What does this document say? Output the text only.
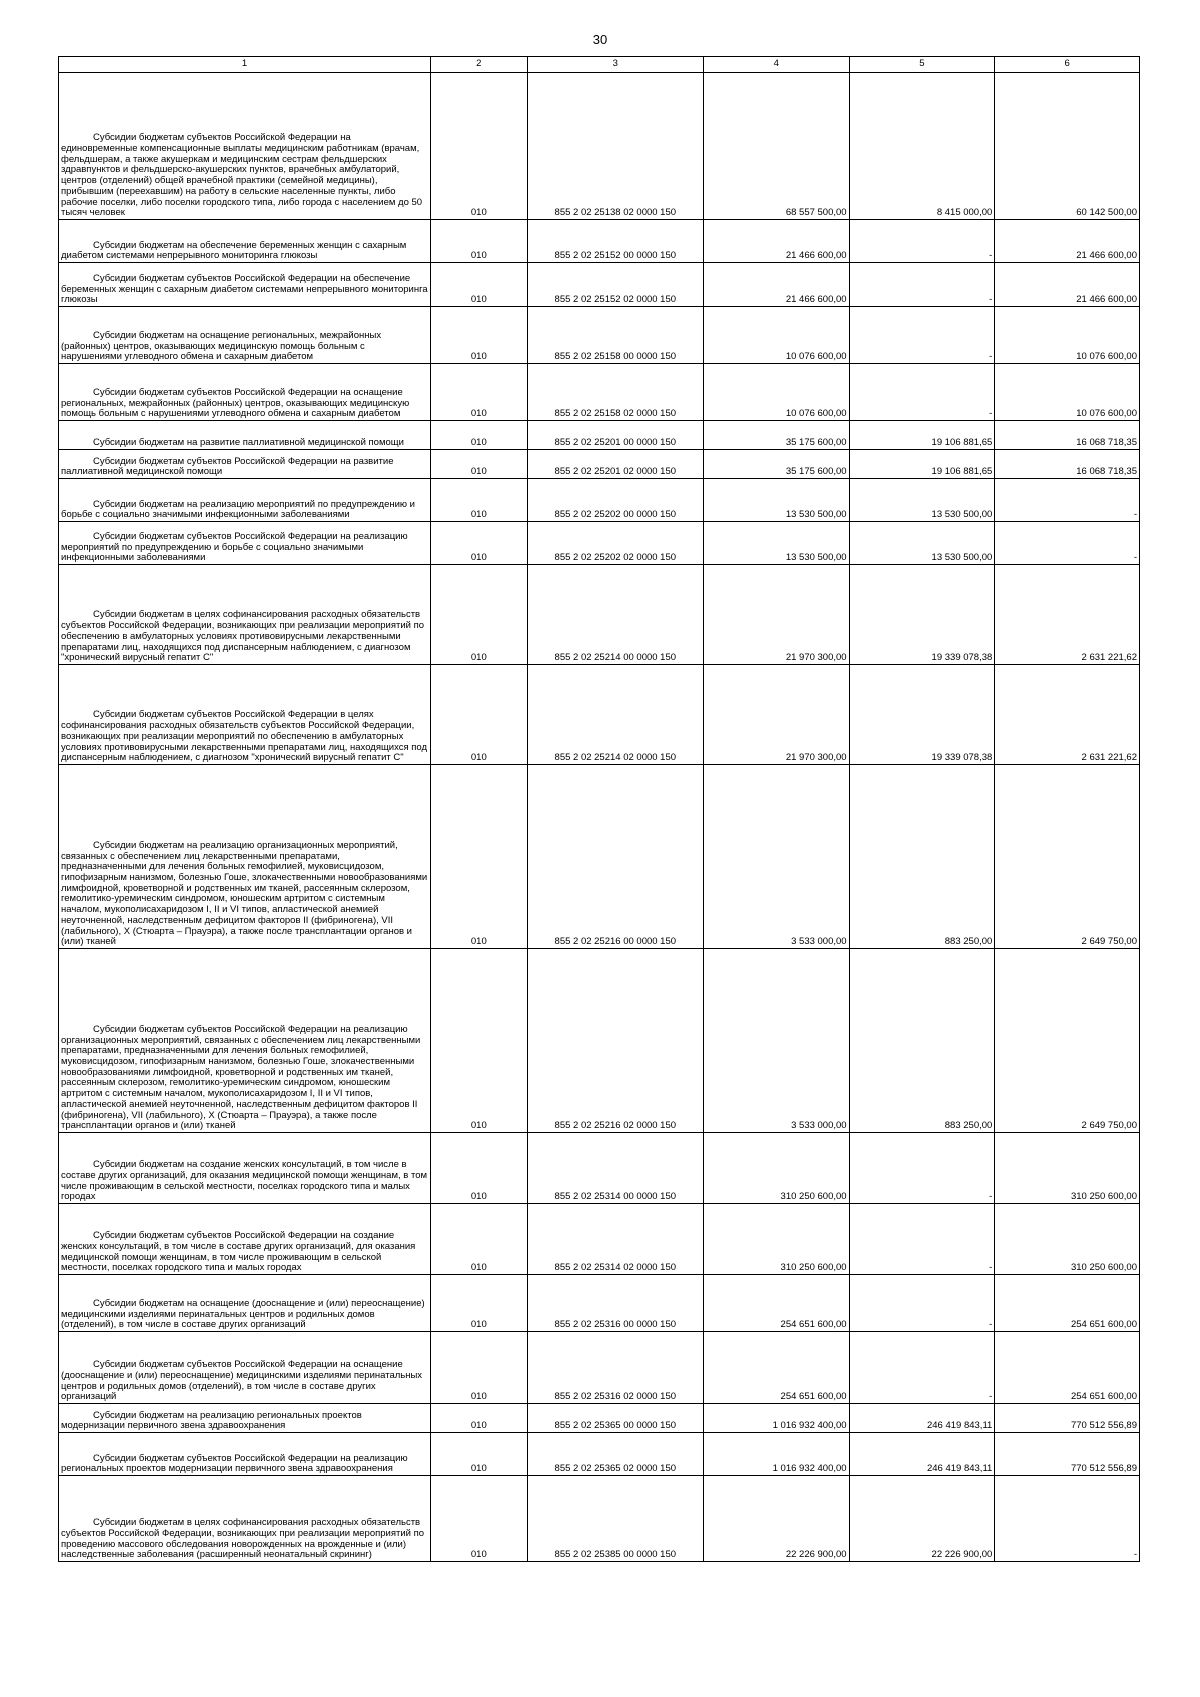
30
1	2	3	4	5	6
Субсидии бюджетам субъектов Российской Федерации на единовременные компенсационные выплаты медицинским работникам (врачам, фельдшерам, а также акушеркам и медицинским сестрам фельдшерских здравпунктов и фельдшерско-акушерских пунктов, врачебных амбулаторий, центров (отделений) общей врачебной практики (семейной медицины), прибывшим (переехавшим) на работу в сельские населенные пункты, либо рабочие поселки, либо поселки городского типа, либо города с населением до 50 тысяч человек	010	855 2 02 25138 02 0000 150	68 557 500,00	8 415 000,00	60 142 500,00
Субсидии бюджетам на обеспечение беременных женщин с сахарным диабетом системами непрерывного мониторинга глюкозы	010	855 2 02 25152 00 0000 150	21 466 600,00	-	21 466 600,00
Субсидии бюджетам субъектов Российской Федерации на обеспечение беременных женщин с сахарным диабетом системами непрерывного мониторинга глюкозы	010	855 2 02 25152 02 0000 150	21 466 600,00	-	21 466 600,00
Субсидии бюджетам на оснащение региональных, межрайонных (районных) центров, оказывающих медицинскую помощь больным с нарушениями углеводного обмена и сахарным диабетом	010	855 2 02 25158 00 0000 150	10 076 600,00	-	10 076 600,00
Субсидии бюджетам субъектов Российской Федерации на оснащение региональных, межрайонных (районных) центров, оказывающих медицинскую помощь больным с нарушениями углеводного обмена и сахарным диабетом	010	855 2 02 25158 02 0000 150	10 076 600,00	-	10 076 600,00
Субсидии бюджетам на развитие паллиативной медицинской помощи	010	855 2 02 25201 00 0000 150	35 175 600,00	19 106 881,65	16 068 718,35
Субсидии бюджетам субъектов Российской Федерации на развитие паллиативной медицинской помощи	010	855 2 02 25201 02 0000 150	35 175 600,00	19 106 881,65	16 068 718,35
Субсидии бюджетам на реализацию мероприятий по предупреждению и борьбе с социально значимыми инфекционными заболеваниями	010	855 2 02 25202 00 0000 150	13 530 500,00	13 530 500,00	-
Субсидии бюджетам субъектов Российской Федерации на реализацию мероприятий по предупреждению и борьбе с социально значимыми инфекционными заболеваниями	010	855 2 02 25202 02 0000 150	13 530 500,00	13 530 500,00	-
Субсидии бюджетам в целях софинансирования расходных обязательств субъектов Российской Федерации, возникающих при реализации мероприятий по обеспечению в амбулаторных условиях противовирусными лекарственными препаратами лиц, находящихся под диспансерным наблюдением, с диагнозом "хронический вирусный гепатит С"	010	855 2 02 25214 00 0000 150	21 970 300,00	19 339 078,38	2 631 221,62
Субсидии бюджетам субъектов Российской Федерации в целях софинансирования расходных обязательств субъектов Российской Федерации, возникающих при реализации мероприятий по обеспечению в амбулаторных условиях противовирусными лекарственными препаратами лиц, находящихся под диспансерным наблюдением, с диагнозом "хронический вирусный гепатит С"	010	855 2 02 25214 02 0000 150	21 970 300,00	19 339 078,38	2 631 221,62
Субсидии бюджетам на реализацию организационных мероприятий, связанных с обеспечением лиц лекарственными препаратами, предназначенными для лечения больных гемофилией, муковисцидозом, гипофизарным нанизмом, болезнью Гоше, злокачественными новообразованиями лимфоидной, кроветворной и родственных им тканей, рассеянным склерозом, гемолитико-уремическим синдромом, юношеским артритом с системным началом, мукополисахаридозом I, II и VI типов, апластической анемией неуточненной, наследственным дефицитом факторов II (фибриногена), VII (лабильного), X (Стюарта – Прауэра), а также после трансплантации органов и (или) тканей	010	855 2 02 25216 00 0000 150	3 533 000,00	883 250,00	2 649 750,00
Субсидии бюджетам субъектов Российской Федерации на реализацию организационных мероприятий, связанных с обеспечением лиц лекарственными препаратами, предназначенными для лечения больных гемофилией, муковисцидозом, гипофизарным нанизмом, болезнью Гоше, злокачественными новообразованиями лимфоидной, кроветворной и родственных им тканей, рассеянным склерозом, гемолитико-уремическим синдромом, юношеским артритом с системным началом, мукополисахаридозом I, II и VI типов, апластической анемией неуточненной, наследственным дефицитом факторов II (фибриногена), VII (лабильного), X (Стюарта – Прауэра), а также после трансплантации органов и (или) тканей	010	855 2 02 25216 02 0000 150	3 533 000,00	883 250,00	2 649 750,00
Субсидии бюджетам на создание женских консультаций, в том числе в составе других организаций, для оказания медицинской помощи женщинам, в том числе проживающим в сельской местности, поселках городского типа и малых городах	010	855 2 02 25314 00 0000 150	310 250 600,00	-	310 250 600,00
Субсидии бюджетам субъектов Российской Федерации на создание женских консультаций, в том числе в составе других организаций, для оказания медицинской помощи женщинам, в том числе проживающим в сельской местности, поселках городского типа и малых городах	010	855 2 02 25314 02 0000 150	310 250 600,00	-	310 250 600,00
Субсидии бюджетам на оснащение (дооснащение и (или) переоснащение) медицинскими изделиями перинатальных центров и родильных домов (отделений), в том числе в составе других организаций	010	855 2 02 25316 00 0000 150	254 651 600,00	-	254 651 600,00
Субсидии бюджетам субъектов Российской Федерации на оснащение (дооснащение и (или) переоснащение) медицинскими изделиями перинатальных центров и родильных домов (отделений), в том числе в составе других организаций	010	855 2 02 25316 02 0000 150	254 651 600,00	-	254 651 600,00
Субсидии бюджетам на реализацию региональных проектов модернизации первичного звена здравоохранения	010	855 2 02 25365 00 0000 150	1 016 932 400,00	246 419 843,11	770 512 556,89
Субсидии бюджетам субъектов Российской Федерации на реализацию региональных проектов модернизации первичного звена здравоохранения	010	855 2 02 25365 02 0000 150	1 016 932 400,00	246 419 843,11	770 512 556,89
Субсидии бюджетам в целях софинансирования расходных обязательств субъектов Российской Федерации, возникающих при реализации мероприятий по проведению массового обследования новорожденных на врожденные и (или) наследственные заболевания (расширенный неонатальный скрининг)	010	855 2 02 25385 00 0000 150	22 226 900,00	22 226 900,00	-
